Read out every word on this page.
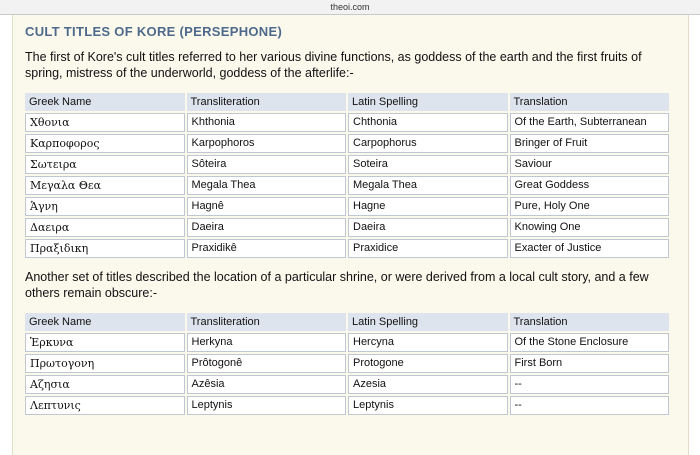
theoi.com
CULT TITLES OF KORE (PERSEPHONE)

The first of Kore's cult titles referred to her various divine functions, as goddess of the earth and the first fruits of spring, mistress of the underworld, goddess of the afterlife:-

Greek Name	Transliteration	Latin Spelling	Translation
Χθονια	Khthonia	Chthonia	Of the Earth, Subterranean
Καρποφορος	Karpophoros	Carpophorus	Bringer of Fruit
Σωτειρα	Sôteira	Soteira	Saviour
Μεγαλα Θεα	Megala Thea	Megala Thea	Great Goddess
Ἁγνη	Hagnê	Hagne	Pure, Holy One
Δαειρα	Daeira	Daeira	Knowing One
Πραξιδικη	Praxidikê	Praxidice	Exacter of Justice

Another set of titles described the location of a particular shrine, or were derived from a local cult story, and a few others remain obscure:-

Greek Name	Transliteration	Latin Spelling	Translation
Ἑρκυνα	Herkyna	Hercyna	Of the Stone Enclosure
Πρωτογονη	Prôtogonê	Protogone	First Born
Αζησια	Azêsia	Azesia	--
Λεπτυνις	Leptynis	Leptynis	--
